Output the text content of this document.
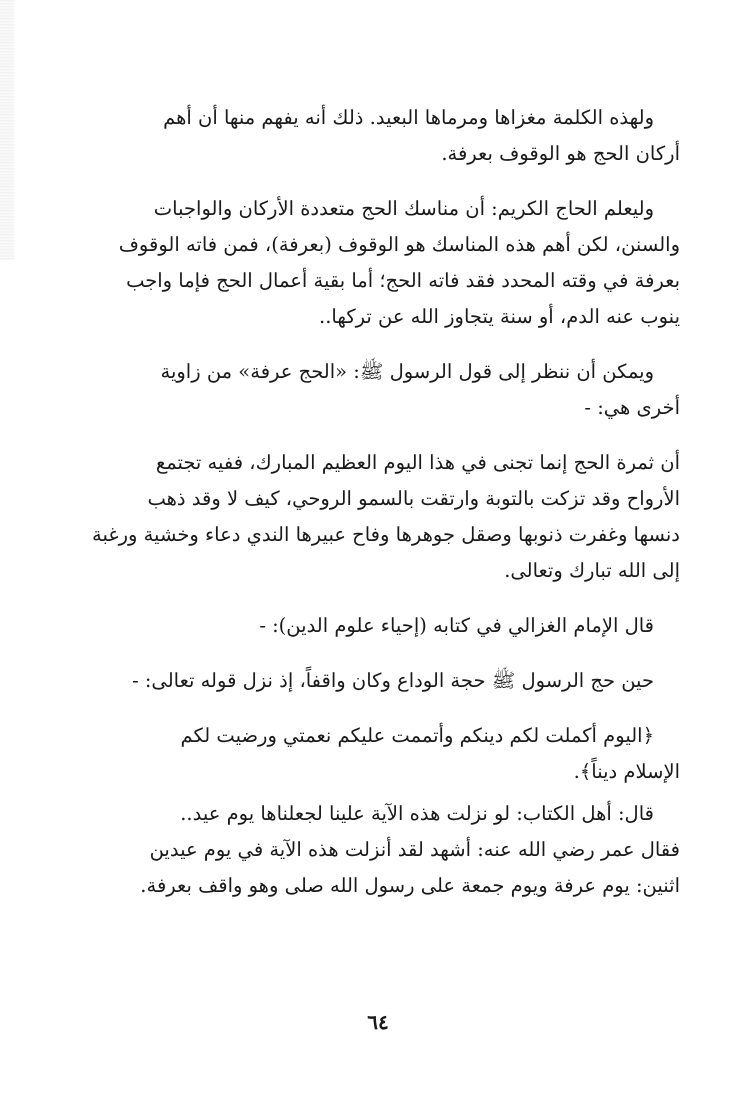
ولهذه الكلمة مغزاها ومرماها البعيد. ذلك أنه يفهم منها أن أهم
أركان الحج هو الوقوف بعرفة.

وليعلم الحاج الكريم: أن مناسك الحج متعددة الأركان والواجبات
والسنن، لكن أهم هذه المناسك هو الوقوف (بعرفة)، فمن فاته الوقوف
بعرفة في وقته المحدد فقد فاته الحج؛ أما بقية أعمال الحج فإما واجب
ينوب عنه الدم، أو سنة يتجاوز الله عن تركها..

ويمكن أن ننظر إلى قول الرسول ﷺ: «الحج عرفة» من زاوية
أخرى هي: -

أن ثمرة الحج إنما تجنى في هذا اليوم العظيم المبارك، ففيه تجتمع
الأرواح وقد تزكت بالتوبة وارتقت بالسمو الروحي، كيف لا وقد ذهب
دنسها وغفرت ذنوبها وصقل جوهرها وفاح عبيرها الندي دعاء وخشية ورغبة
إلى الله تبارك وتعالى.

قال الإمام الغزالي في كتابه (إحياء علوم الدين): -

حين حج الرسول ﷺ حجة الوداع وكان واقفاً، إذ نزل قوله تعالى: -

﴿اليوم أكملت لكم دينكم وأتممت عليكم نعمتي ورضيت لكم
الإسلام ديناً﴾.

قال: أهل الكتاب: لو نزلت هذه الآية علينا لجعلناها يوم عيد..
فقال عمر رضي الله عنه: أشهد لقد أنزلت هذه الآية في يوم عيدين
اثنين: يوم عرفة ويوم جمعة على رسول الله صلى وهو واقف بعرفة.

٦٤
